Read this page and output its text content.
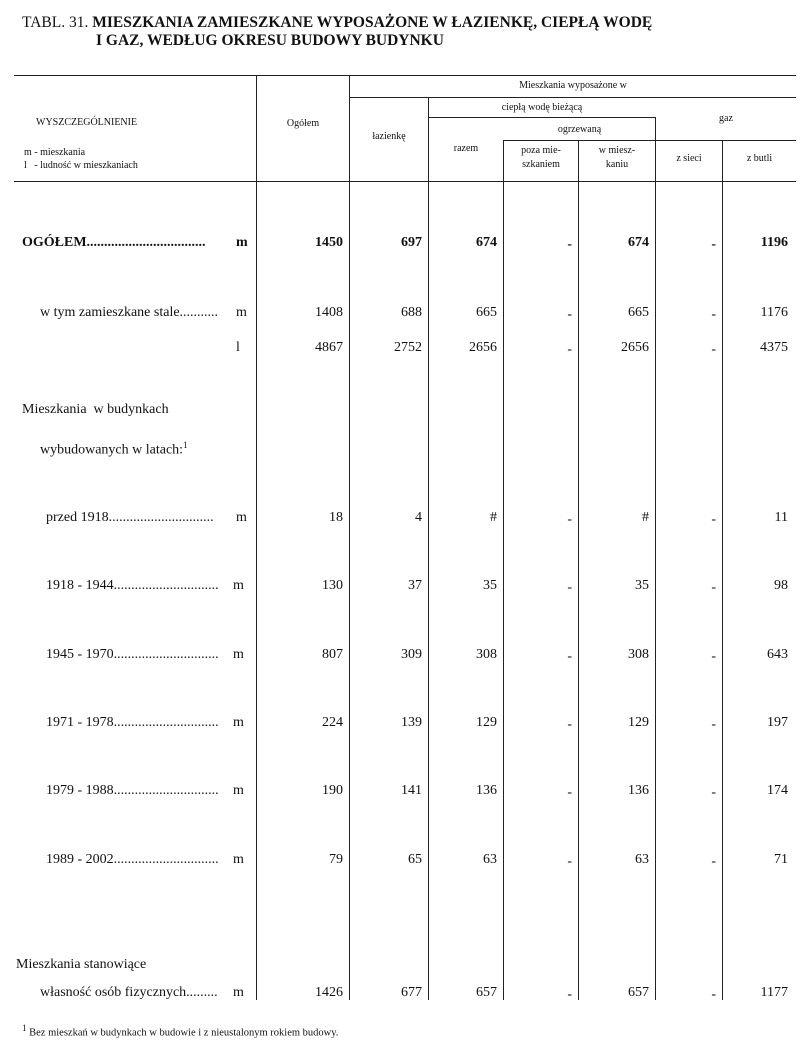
TABL. 31. MIESZKANIA ZAMIESZKANE WYPOSAŻONE W ŁAZIENKĘ, CIEPŁĄ WODĘ
I GAZ, WEDŁUG OKRESU BUDOWY BUDYNKU
WYSZCZEGÓLNIENIE
m - mieszkania
l   - ludność w mieszkaniach
Ogółem
Mieszkania wyposażone w
łazienkę
ciepłą wodę bieżącą
razem
ogrzewaną
poza mie-
szkaniem
w miesz-
kaniu
gaz
z sieci	z butli
Mieszkania  w budynkach
wybudowanych w latach:$^1$
Mieszkania stanowiące
OGÓŁEM.................................. m	1450	697	674	-	674	-	1196
w tym zamieszkane stale........... m	1408	688	665	-	665	-	1176
l	4867	2752	2656	-	2656	-	4375
przed 1918.............................. m	18	4	#	-	#	-	11
1918 - 1944.............................. m	130	37	35	-	35	-	98
1945 - 1970.............................. m	807	309	308	-	308	-	643
1971 - 1978.............................. m	224	139	129	-	129	-	197
1979 - 1988.............................. m	190	141	136	-	136	-	174
1989 - 2002.............................. m	79	65	63	-	63	-	71
własność osób fizycznych......... m	1426	677	657	-	657	-	1177
$^1$ Bez mieszkań w budynkach w budowie i z nieustalonym rokiem budowy.
